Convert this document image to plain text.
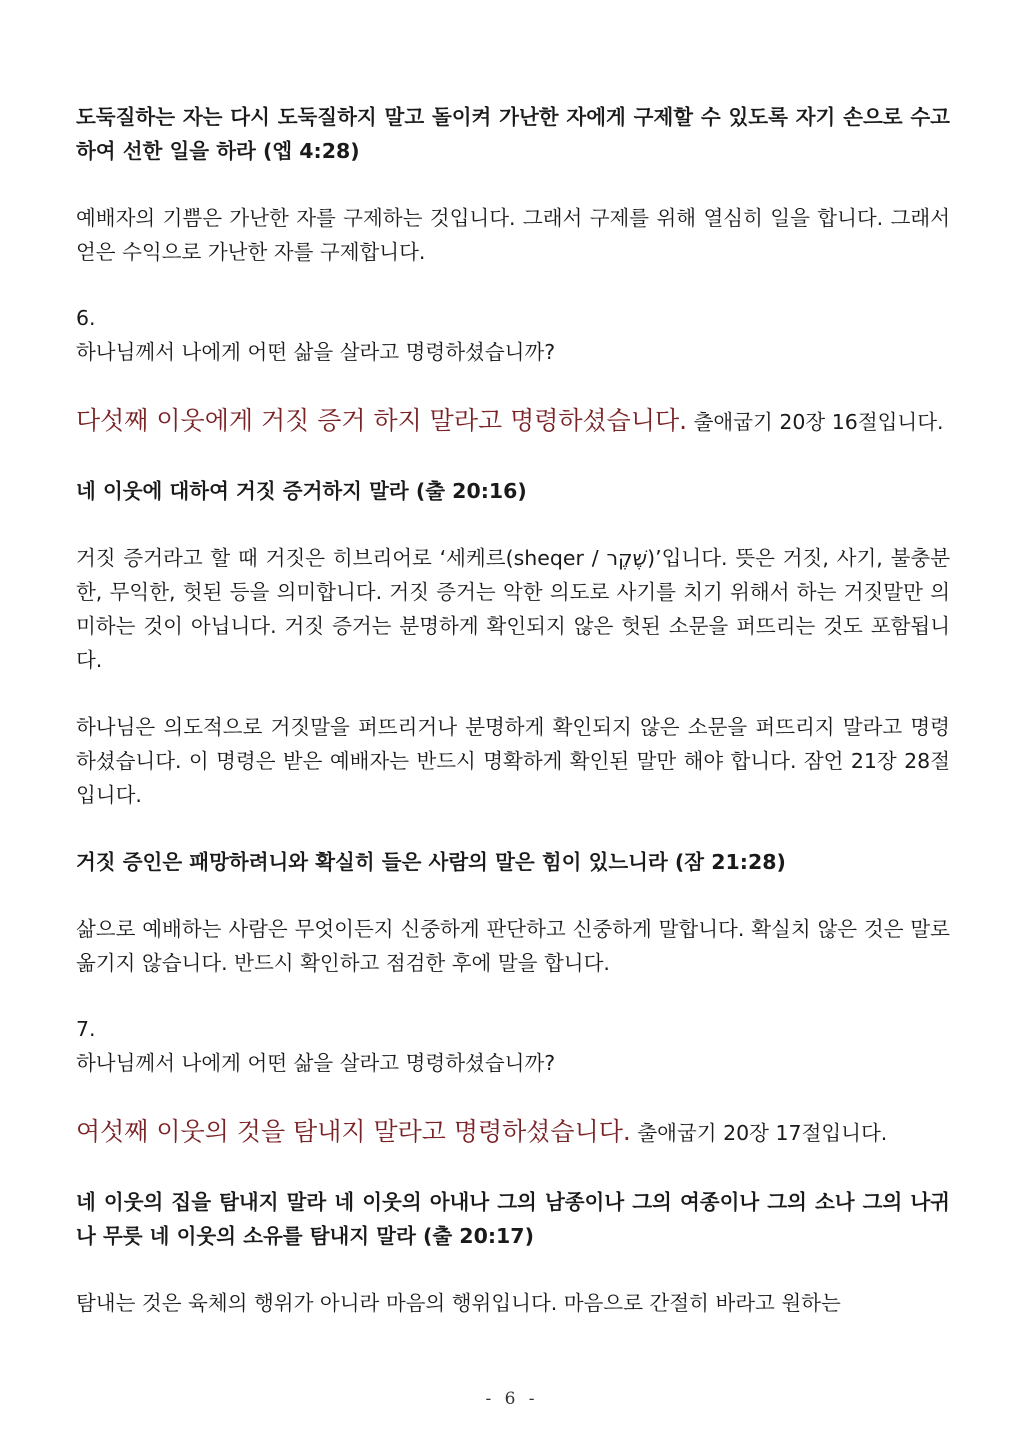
도둑질하는 자는 다시 도둑질하지 말고 돌이켜 가난한 자에게 구제할 수 있도록 자기 손으로 수고하여 선한 일을 하라 (엡 4:28)

예배자의 기쁨은 가난한 자를 구제하는 것입니다. 그래서 구제를 위해 열심히 일을 합니다. 그래서 얻은 수익으로 가난한 자를 구제합니다.

6.

하나님께서 나에게 어떤 삶을 살라고 명령하셨습니까?

다섯째 이웃에게 거짓 증거 하지 말라고 명령하셨습니다. 출애굽기 20장 16절입니다.

네 이웃에 대하여 거짓 증거하지 말라 (출 20:16)

거짓 증거라고 할 때 거짓은 히브리어로 ‘세케르(sheqer / שֶׁקֶר)’입니다. 뜻은 거짓, 사기, 불충분한, 무익한, 헛된 등을 의미합니다. 거짓 증거는 악한 의도로 사기를 치기 위해서 하는 거짓말만 의미하는 것이 아닙니다. 거짓 증거는 분명하게 확인되지 않은 헛된 소문을 퍼뜨리는 것도 포함됩니다.

하나님은 의도적으로 거짓말을 퍼뜨리거나 분명하게 확인되지 않은 소문을 퍼뜨리지 말라고 명령하셨습니다. 이 명령은 받은 예배자는 반드시 명확하게 확인된 말만 해야 합니다. 잠언 21장 28절입니다.

거짓 증인은 패망하려니와 확실히 들은 사람의 말은 힘이 있느니라 (잠 21:28)

삶으로 예배하는 사람은 무엇이든지 신중하게 판단하고 신중하게 말합니다. 확실치 않은 것은 말로 옮기지 않습니다. 반드시 확인하고 점검한 후에 말을 합니다.

7.

하나님께서 나에게 어떤 삶을 살라고 명령하셨습니까?

여섯째 이웃의 것을 탐내지 말라고 명령하셨습니다. 출애굽기 20장 17절입니다.

네 이웃의 집을 탐내지 말라 네 이웃의 아내나 그의 남종이나 그의 여종이나 그의 소나 그의 나귀나 무릇 네 이웃의 소유를 탐내지 말라 (출 20:17)

탐내는 것은 육체의 행위가 아니라 마음의 행위입니다. 마음으로 간절히 바라고 원하는

- 6 -
